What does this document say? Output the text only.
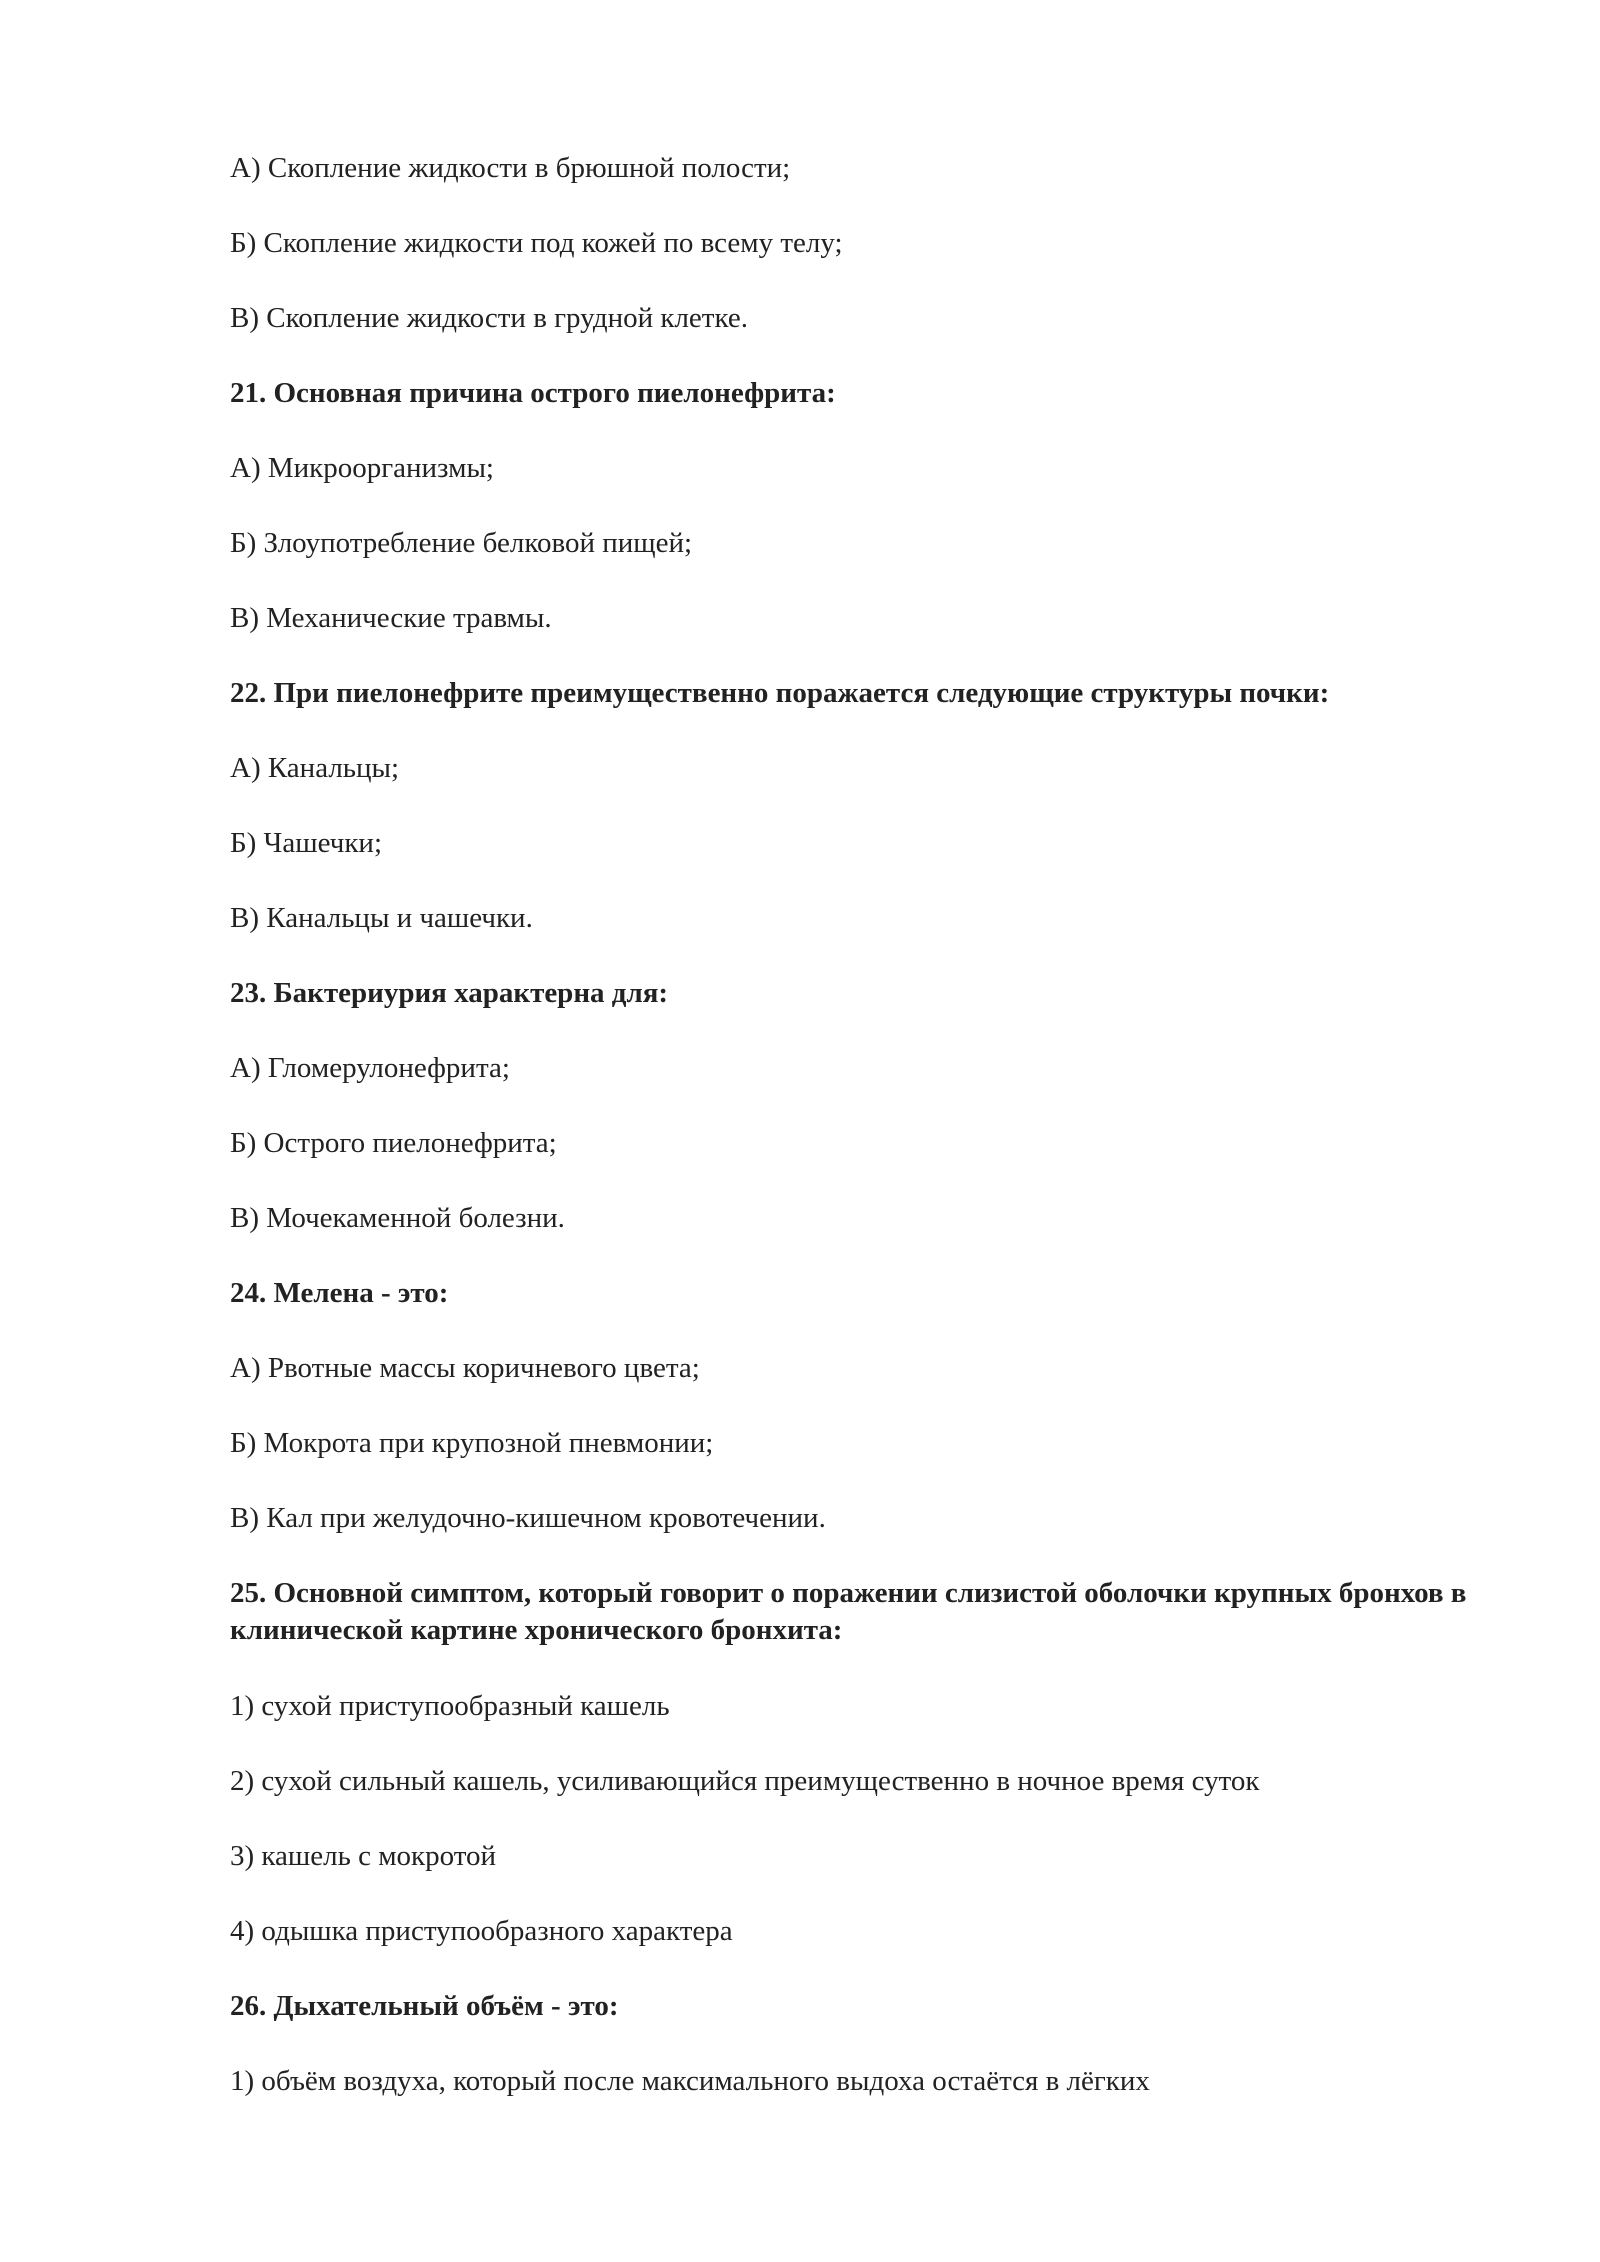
А) Скопление жидкости в брюшной полости;

Б) Скопление жидкости под кожей по всему телу;

В) Скопление жидкости в грудной клетке.

21. Основная причина острого пиелонефрита:

А) Микроорганизмы;

Б) Злоупотребление белковой пищей;

В) Механические травмы.

22. При пиелонефрите преимущественно поражается следующие структуры почки:

А) Канальцы;

Б) Чашечки;

В) Канальцы и чашечки.

23. Бактериурия характерна для:

А) Гломерулонефрита;

Б) Острого пиелонефрита;

В) Мочекаменной болезни.

24. Мелена - это:

А) Рвотные массы коричневого цвета;

Б) Мокрота при крупозной пневмонии;

В) Кал при желудочно-кишечном кровотечении.

25. Основной симптом, который говорит о поражении слизистой оболочки крупных бронхов в клинической картине хронического бронхита:

1) сухой приступообразный кашель

2) сухой сильный кашель, усиливающийся преимущественно в ночное время суток

3) кашель с мокротой

4) одышка приступообразного характера

26. Дыхательный объём - это:

1) объём воздуха, который после максимального выдоха остаётся в лёгких
